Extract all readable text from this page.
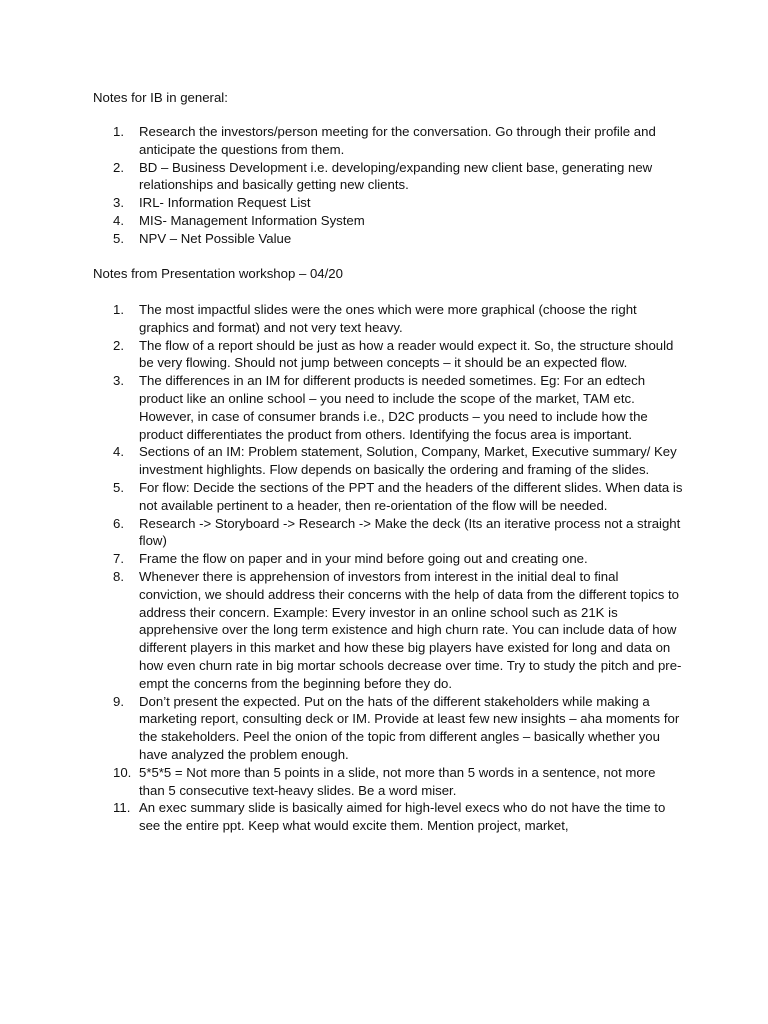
Notes for IB in general:

1. Research the investors/person meeting for the conversation. Go through their profile and anticipate the questions from them.
2. BD – Business Development i.e. developing/expanding new client base, generating new relationships and basically getting new clients.
3. IRL- Information Request List
4. MIS- Management Information System
5. NPV – Net Possible Value

Notes from Presentation workshop – 04/20

1. The most impactful slides were the ones which were more graphical (choose the right graphics and format) and not very text heavy.
2. The flow of a report should be just as how a reader would expect it. So, the structure should be very flowing. Should not jump between concepts – it should be an expected flow.
3. The differences in an IM for different products is needed sometimes. Eg: For an edtech product like an online school – you need to include the scope of the market, TAM etc. However, in case of consumer brands i.e., D2C products – you need to include how the product differentiates the product from others. Identifying the focus area is important.
4. Sections of an IM: Problem statement, Solution, Company, Market, Executive summary/ Key investment highlights. Flow depends on basically the ordering and framing of the slides.
5. For flow: Decide the sections of the PPT and the headers of the different slides. When data is not available pertinent to a header, then re-orientation of the flow will be needed.
6. Research -> Storyboard -> Research -> Make the deck (Its an iterative process not a straight flow)
7. Frame the flow on paper and in your mind before going out and creating one.
8. Whenever there is apprehension of investors from interest in the initial deal to final conviction, we should address their concerns with the help of data from the different topics to address their concern. Example: Every investor in an online school such as 21K is apprehensive over the long term existence and high churn rate. You can include data of how different players in this market and how these big players have existed for long and data on how even churn rate in big mortar schools decrease over time. Try to study the pitch and pre-empt the concerns from the beginning before they do.
9. Don’t present the expected. Put on the hats of the different stakeholders while making a marketing report, consulting deck or IM. Provide at least few new insights – aha moments for the stakeholders. Peel the onion of the topic from different angles – basically whether you have analyzed the problem enough.
10. 5*5*5 = Not more than 5 points in a slide, not more than 5 words in a sentence, not more than 5 consecutive text-heavy slides. Be a word miser.
11. An exec summary slide is basically aimed for high-level execs who do not have the time to see the entire ppt. Keep what would excite them. Mention project, market,
